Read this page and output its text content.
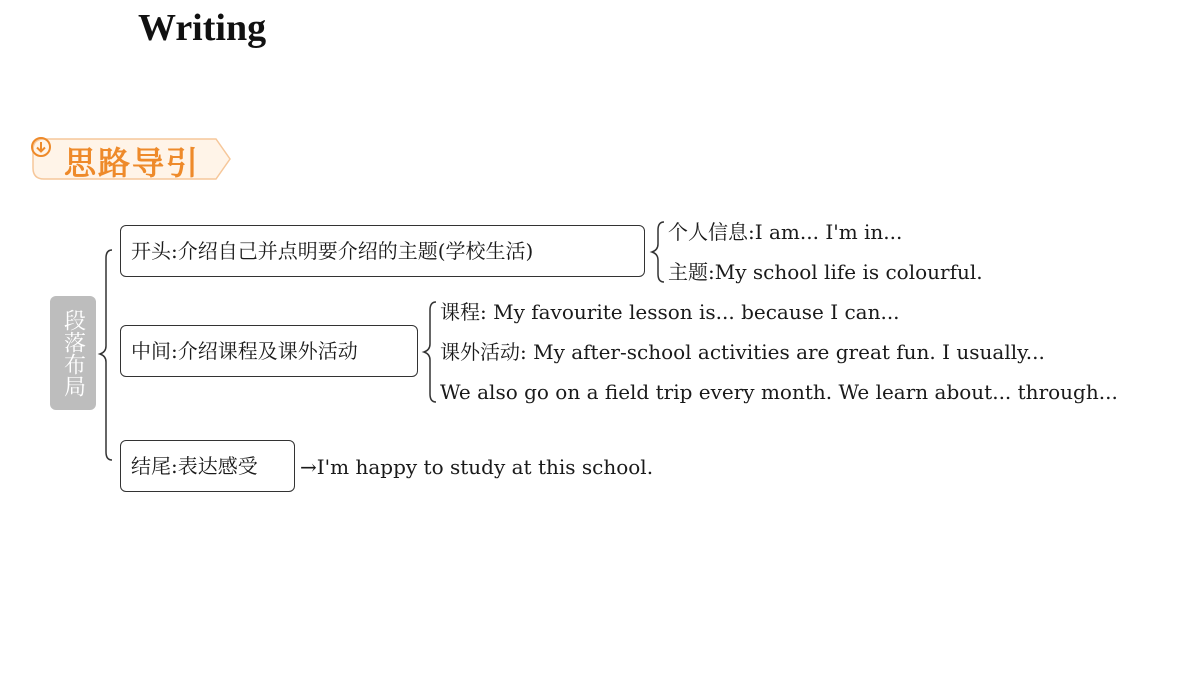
Writing
思路导引
段落布局
开头:介绍自己并点明要介绍的主题(学校生活)
个人信息:I am... I'm in...
主题:My school life is colourful.
中间:介绍课程及课外活动
课程: My favourite lesson is... because I can...
课外活动: My after-school activities are great fun. I usually...
We also go on a field trip every month. We learn about... through...
结尾:表达感受	→I'm happy to study at this school.
